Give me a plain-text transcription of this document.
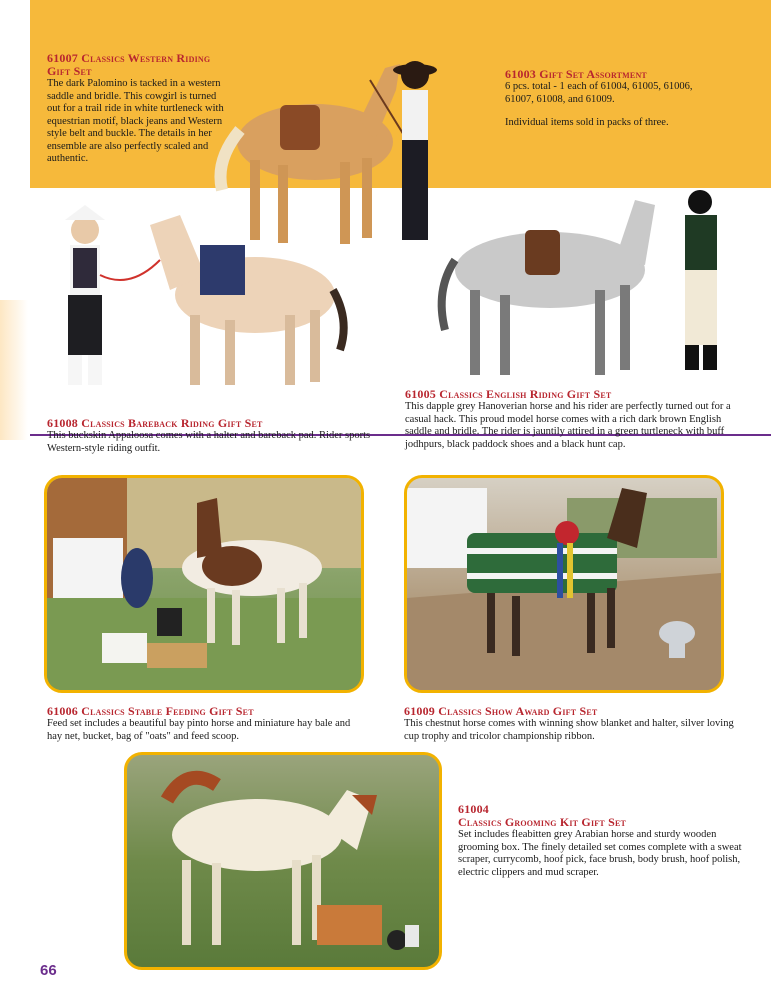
61007 Classics Western Riding
Gift Set
The dark Palomino is tacked in a western saddle and bridle. This cowgirl is turned out for a trail ride in white turtleneck with equestrian motif, black jeans and Western style belt and buckle. The details in her ensemble are also perfectly scaled and authentic.
61003 Gift Set Assortment
6 pcs. total - 1 each of 61004, 61005, 61006, 61007, 61008, and 61009.
Individual items sold in packs of three.
61008 Classics Bareback Riding Gift Set
This buckskin Appaloosa comes with a halter and bareback pad. Rider sports Western-style riding outfit.
61005 Classics English Riding Gift Set
This dapple grey Hanoverian horse and his rider are perfectly turned out for a casual hack. This proud model horse comes with a rich dark brown English saddle and bridle. The rider is jauntily attired in a green turtleneck with buff jodhpurs, black paddock shoes and a black hunt cap.
61006 Classics Stable Feeding Gift Set
Feed set includes a beautiful bay pinto horse and miniature hay bale and hay net, bucket, bag of "oats" and feed scoop.
61009 Classics Show Award Gift Set
This chestnut horse comes with winning show blanket and halter, silver loving cup trophy and tricolor championship ribbon.
61004
Classics Grooming Kit Gift Set
Set includes fleabitten grey Arabian horse and sturdy wooden grooming box. The finely detailed set comes complete with a sweat scraper, currycomb, hoof pick, face brush, body brush, hoof polish, electric clippers and mud scraper.
66
